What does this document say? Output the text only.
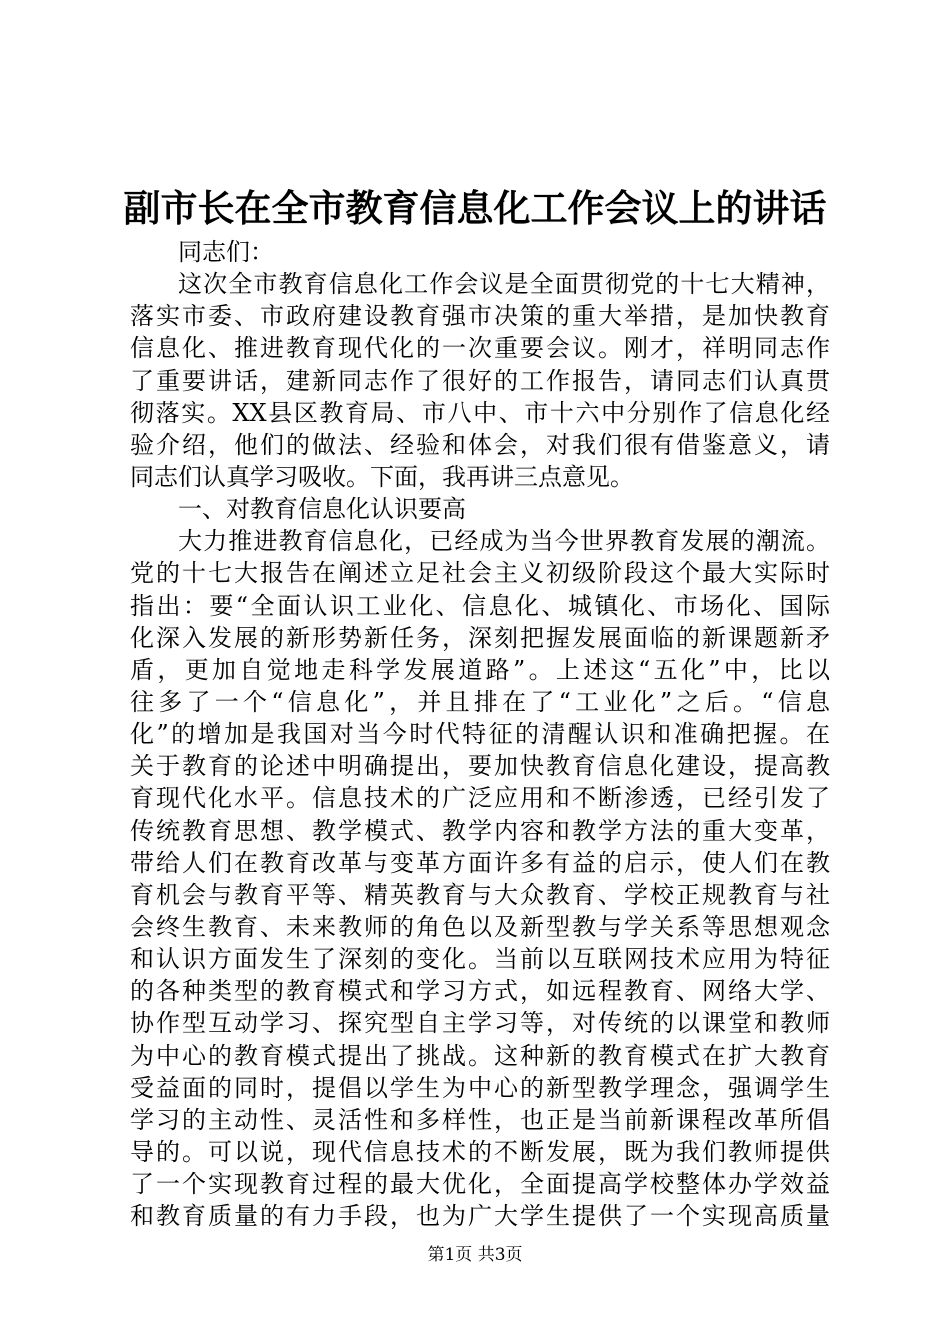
副市长在全市教育信息化工作会议上的讲话
同志们：
这次全市教育信息化工作会议是全面贯彻党的十七大精神，
落实市委、市政府建设教育强市决策的重大举措，是加快教育
信息化、推进教育现代化的一次重要会议。刚才，祥明同志作
了重要讲话，建新同志作了很好的工作报告，请同志们认真贯
彻落实。XX县区教育局、市八中、市十六中分别作了信息化经
验介绍，他们的做法、经验和体会，对我们很有借鉴意义，请
同志们认真学习吸收。下面，我再讲三点意见。
一、对教育信息化认识要高
大力推进教育信息化，已经成为当今世界教育发展的潮流。
党的十七大报告在阐述立足社会主义初级阶段这个最大实际时
指出：要“全面认识工业化、信息化、城镇化、市场化、国际
化深入发展的新形势新任务，深刻把握发展面临的新课题新矛
盾，更加自觉地走科学发展道路”。上述这“五化”中，比以
往多了一个“信息化”，并且排在了“工业化”之后。“信息
化”的增加是我国对当今时代特征的清醒认识和准确把握。在
关于教育的论述中明确提出，要加快教育信息化建设，提高教
育现代化水平。信息技术的广泛应用和不断渗透，已经引发了
传统教育思想、教学模式、教学内容和教学方法的重大变革，
带给人们在教育改革与变革方面许多有益的启示，使人们在教
育机会与教育平等、精英教育与大众教育、学校正规教育与社
会终生教育、未来教师的角色以及新型教与学关系等思想观念
和认识方面发生了深刻的变化。当前以互联网技术应用为特征
的各种类型的教育模式和学习方式，如远程教育、网络大学、
协作型互动学习、探究型自主学习等，对传统的以课堂和教师
为中心的教育模式提出了挑战。这种新的教育模式在扩大教育
受益面的同时，提倡以学生为中心的新型教学理念，强调学生
学习的主动性、灵活性和多样性，也正是当前新课程改革所倡
导的。可以说，现代信息技术的不断发展，既为我们教师提供
了一个实现教育过程的最大优化，全面提高学校整体办学效益
和教育质量的有力手段，也为广大学生提供了一个实现高质量
第1页 共3页
